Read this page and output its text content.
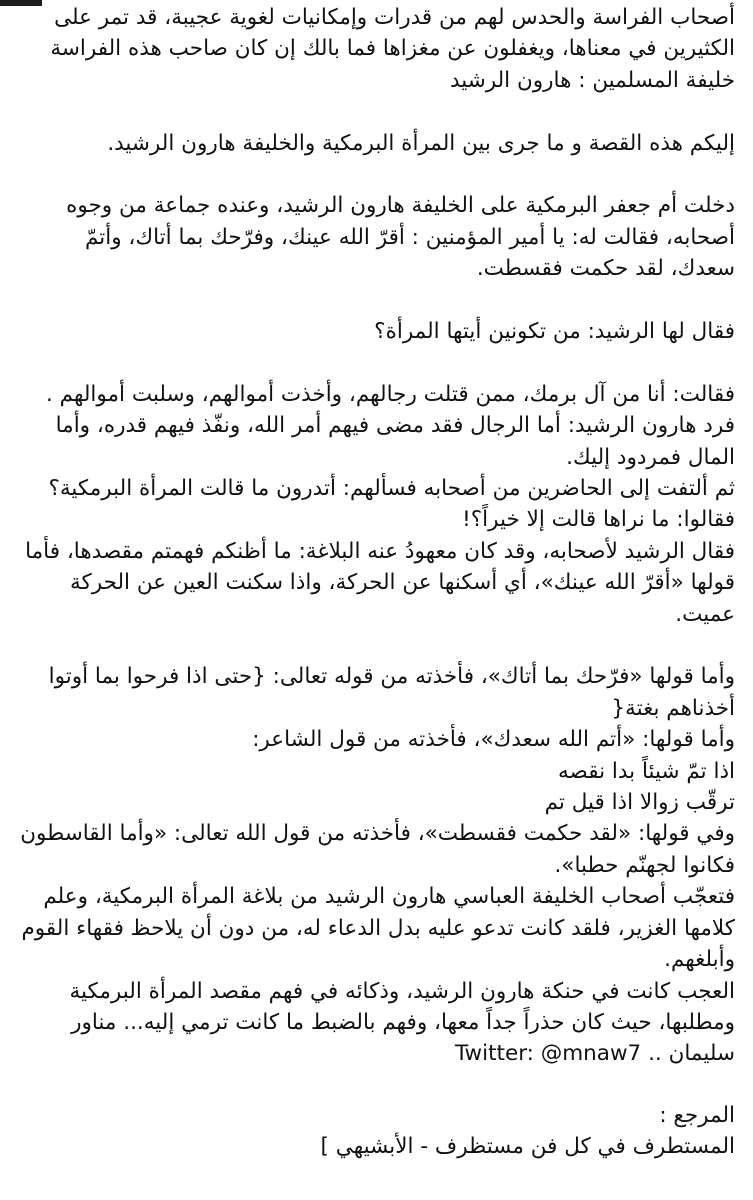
أصحاب الفراسة والحدس لهم من قدرات وإمكانيات لغوية عجيبة، قد تمر على الكثيرين في معناها، ويغفلون عن مغزاها فما بالك إن كان صاحب هذه الفراسة خليفة المسلمين : هارون الرشيد

إليكم هذه القصة و ما جرى بين المرأة البرمكية والخليفة هارون الرشيد.

دخلت أم جعفر البرمكية على الخليفة هارون الرشيد، وعنده جماعة من وجوه أصحابه، فقالت له: يا أمير المؤمنين : أقرّ الله عينك، وفرّحك بما أتاك، وأتمّ سعدك، لقد حكمت فقسطت.

فقال لها الرشيد: من تكونين أيتها المرأة؟

فقالت: أنا من آل برمك، ممن قتلت رجالهم، وأخذت أموالهم، وسلبت أموالهم .

فرد هارون الرشيد: أما الرجال فقد مضى فيهم أمر الله، ونفّذ فيهم قدره، وأما المال فمردود إليك.

ثم ألتفت إلى الحاضرين من أصحابه فسألهم: أتدرون ما قالت المرأة البرمكية؟

فقالوا: ما نراها قالت إلا خيراً؟!

فقال الرشيد لأصحابه، وقد كان معهودُ عنه البلاغة: ما أظنكم فهمتم مقصدها، فأما قولها «أقرّ الله عينك»، أي أسكنها عن الحركة، واذا سكنت العين عن الحركة عميت.

وأما قولها «فرّحك بما أتاك»، فأخذته من قوله تعالى: {حتى اذا فرحوا بما أوتوا أخذناهم بغتة{

وأما قولها: «أتم الله سعدك»، فأخذته من قول الشاعر:

اذا تمّ شيئاً بدا نقصه

ترقّب زوالا اذا قيل تم

وفي قولها: «لقد حكمت فقسطت»، فأخذته من قول الله تعالى: «وأما القاسطون فكانوا لجهنّم حطبا».

فتعجّب أصحاب الخليفة العباسي هارون الرشيد من بلاغة المرأة البرمكية، وعلم كلامها الغزير، فلقد كانت تدعو عليه بدل الدعاء له، من دون أن يلاحظ فقهاء القوم وأبلغهم.

العجب كانت في حنكة هارون الرشيد، وذكائه في فهم مقصد المرأة البرمكية ومطلبها، حيث كان حذراً جداً معها، وفهم بالضبط ما كانت ترمي إليه... مناور سليمان .. Twitter: @mnaw7

المرجع :

المستطرف في كل فن مستظرف - الأبشيهي ]
